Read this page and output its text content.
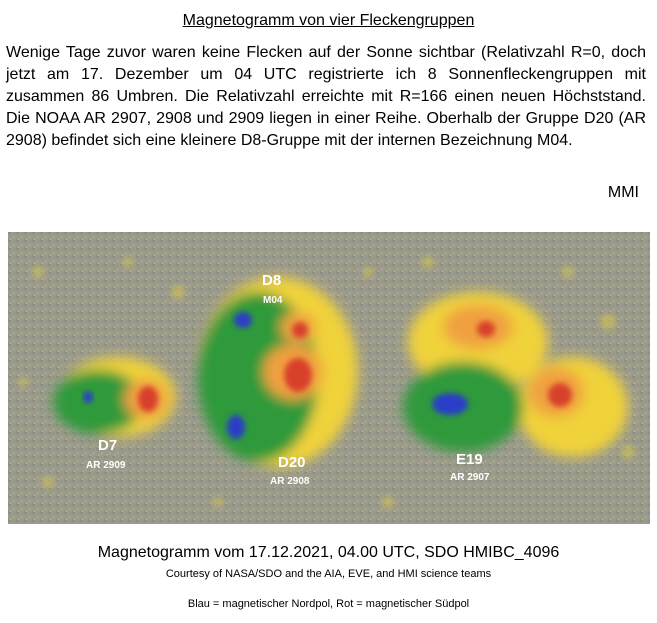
Magnetogramm von vier Fleckengruppen
Wenige Tage zuvor waren keine Flecken auf der Sonne sichtbar (Relativzahl R=0, doch jetzt am 17. Dezember um 04 UTC registrierte ich 8 Sonnenfleckengruppen mit zusammen 86 Umbren. Die Relativzahl erreichte mit R=166 einen neuen Höchststand. Die NOAA AR 2907, 2908 und 2909 liegen in einer Reihe. Oberhalb der Gruppe D20 (AR 2908) befindet sich eine kleinere D8-Gruppe mit der internen Bezeichnung M04.
MMI
D8
M04
D7
AR 2909	D20
AR 2908
E19
AR 2907
Magnetogramm vom 17.12.2021, 04.00 UTC, SDO HMIBC_4096
Courtesy of NASA/SDO and the AIA, EVE, and HMI science teams
Blau = magnetischer Nordpol, Rot = magnetischer Südpol
